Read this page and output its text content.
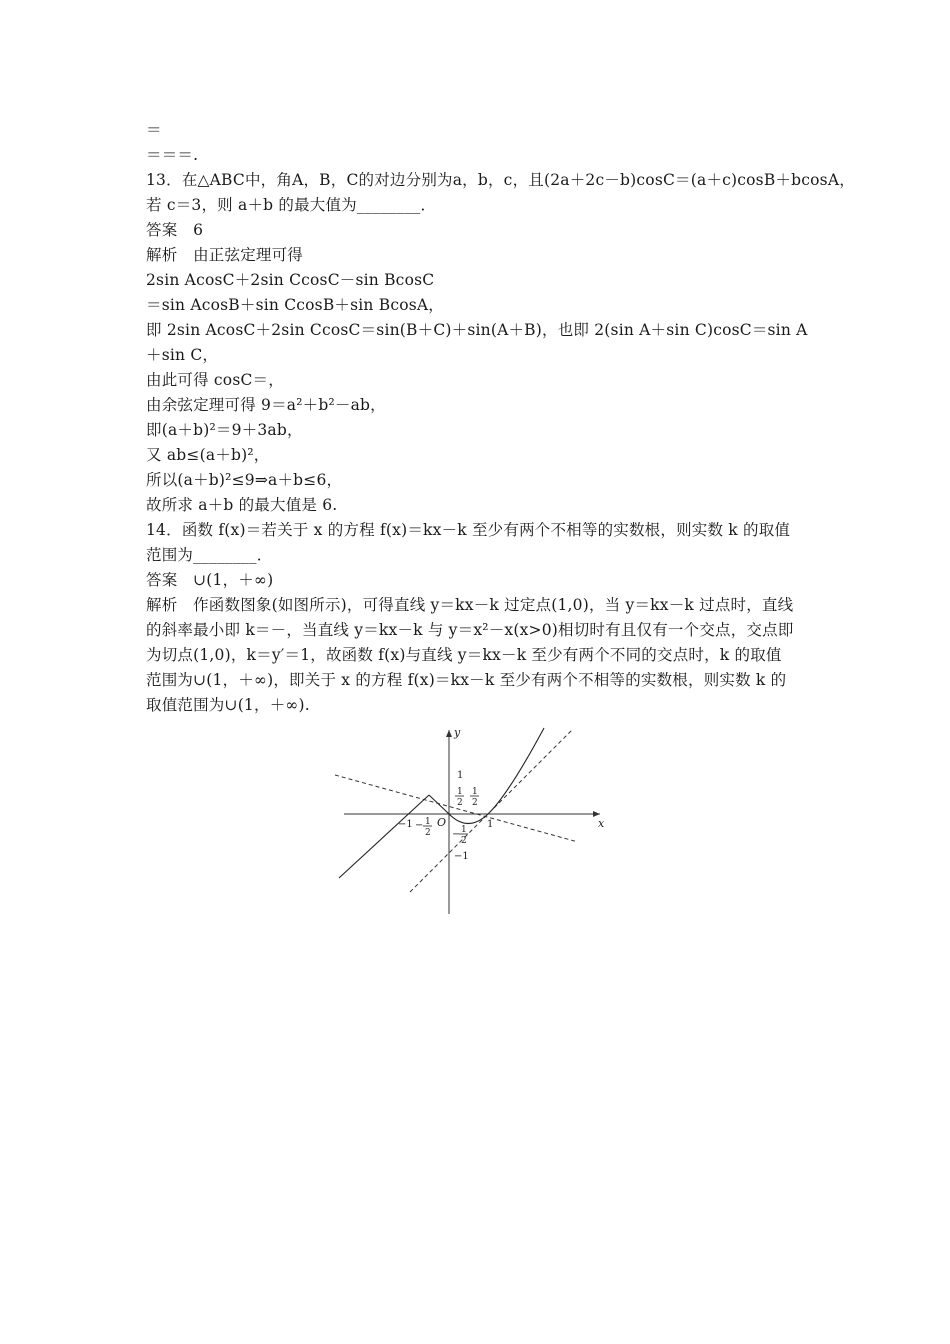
＝
＝＝＝.
13．在△ABC中，角A，B，C的对边分别为a，b，c，且(2a＋2c－b)cosC＝(a＋c)cosB＋bcosA，
若 c＝3，则 a＋b 的最大值为________．
答案　6
解析　由正弦定理可得
2sin AcosC＋2sin CcosC－sin BcosC
＝sin AcosB＋sin CcosB＋sin BcosA，
即 2sin AcosC＋2sin CcosC＝sin(B＋C)＋sin(A＋B)，也即 2(sin A＋sin C)cosC＝sin A
＋sin C，
由此可得 cosC＝，
由余弦定理可得 9＝a²＋b²－ab，
即(a＋b)²＝9＋3ab，
又 ab≤(a＋b)²，
所以(a＋b)²≤9⇒a＋b≤6，
故所求 a＋b 的最大值是 6.
14．函数 f(x)＝若关于 x 的方程 f(x)＝kx－k 至少有两个不相等的实数根，则实数 k 的取值
范围为________．
答案　∪(1，＋∞)
解析　作函数图象(如图所示)，可得直线 y＝kx－k 过定点(1,0)，当 y＝kx－k 过点时，直线
的斜率最小即 k＝－，当直线 y＝kx－k 与 y＝x²－x(x>0)相切时有且仅有一个交点，交点即
为切点(1,0)，k＝y′＝1，故函数 f(x)与直线 y＝kx－k 至少有两个不同的交点时，k 的取值
范围为∪(1，＋∞)，即关于 x 的方程 f(x)＝kx－k 至少有两个不相等的实数根，则实数 k 的
取值范围为∪(1，＋∞).
y
x
O
1
−1
−1 − 1
2
1
2
1
2
1
− 1
2
